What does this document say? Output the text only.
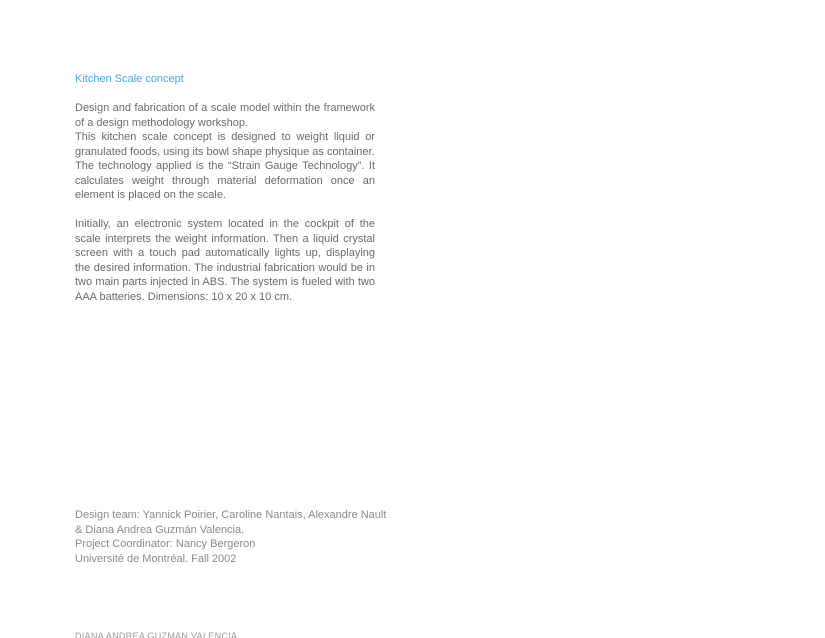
Kitchen Scale concept

Design and fabrication of a scale model within the framework of a design methodology workshop.

This kitchen scale concept is designed to weight liquid or granulated foods, using its bowl shape physique as container.

The technology applied is the “Strain Gauge Technology”. It calculates weight through material deformation once an element is placed on the scale.

Initially, an electronic system located in the cockpit of the scale interprets the weight information. Then a liquid crystal screen with a touch pad automatically lights up, displaying the desired information. The industrial fabrication would be in two main parts injected in ABS. The system is fueled with two AAA batteries. Dimensions: 10 x 20 x 10 cm.

Design team: Yannick Poirier, Caroline Nantais, Alexandre Nault & Diana Andrea Guzmán Valencia.
Project Coordinator: Nancy Bergeron
Université de Montréal. Fall 2002
DIANA ANDREA GUZMÁN VALENCIA
